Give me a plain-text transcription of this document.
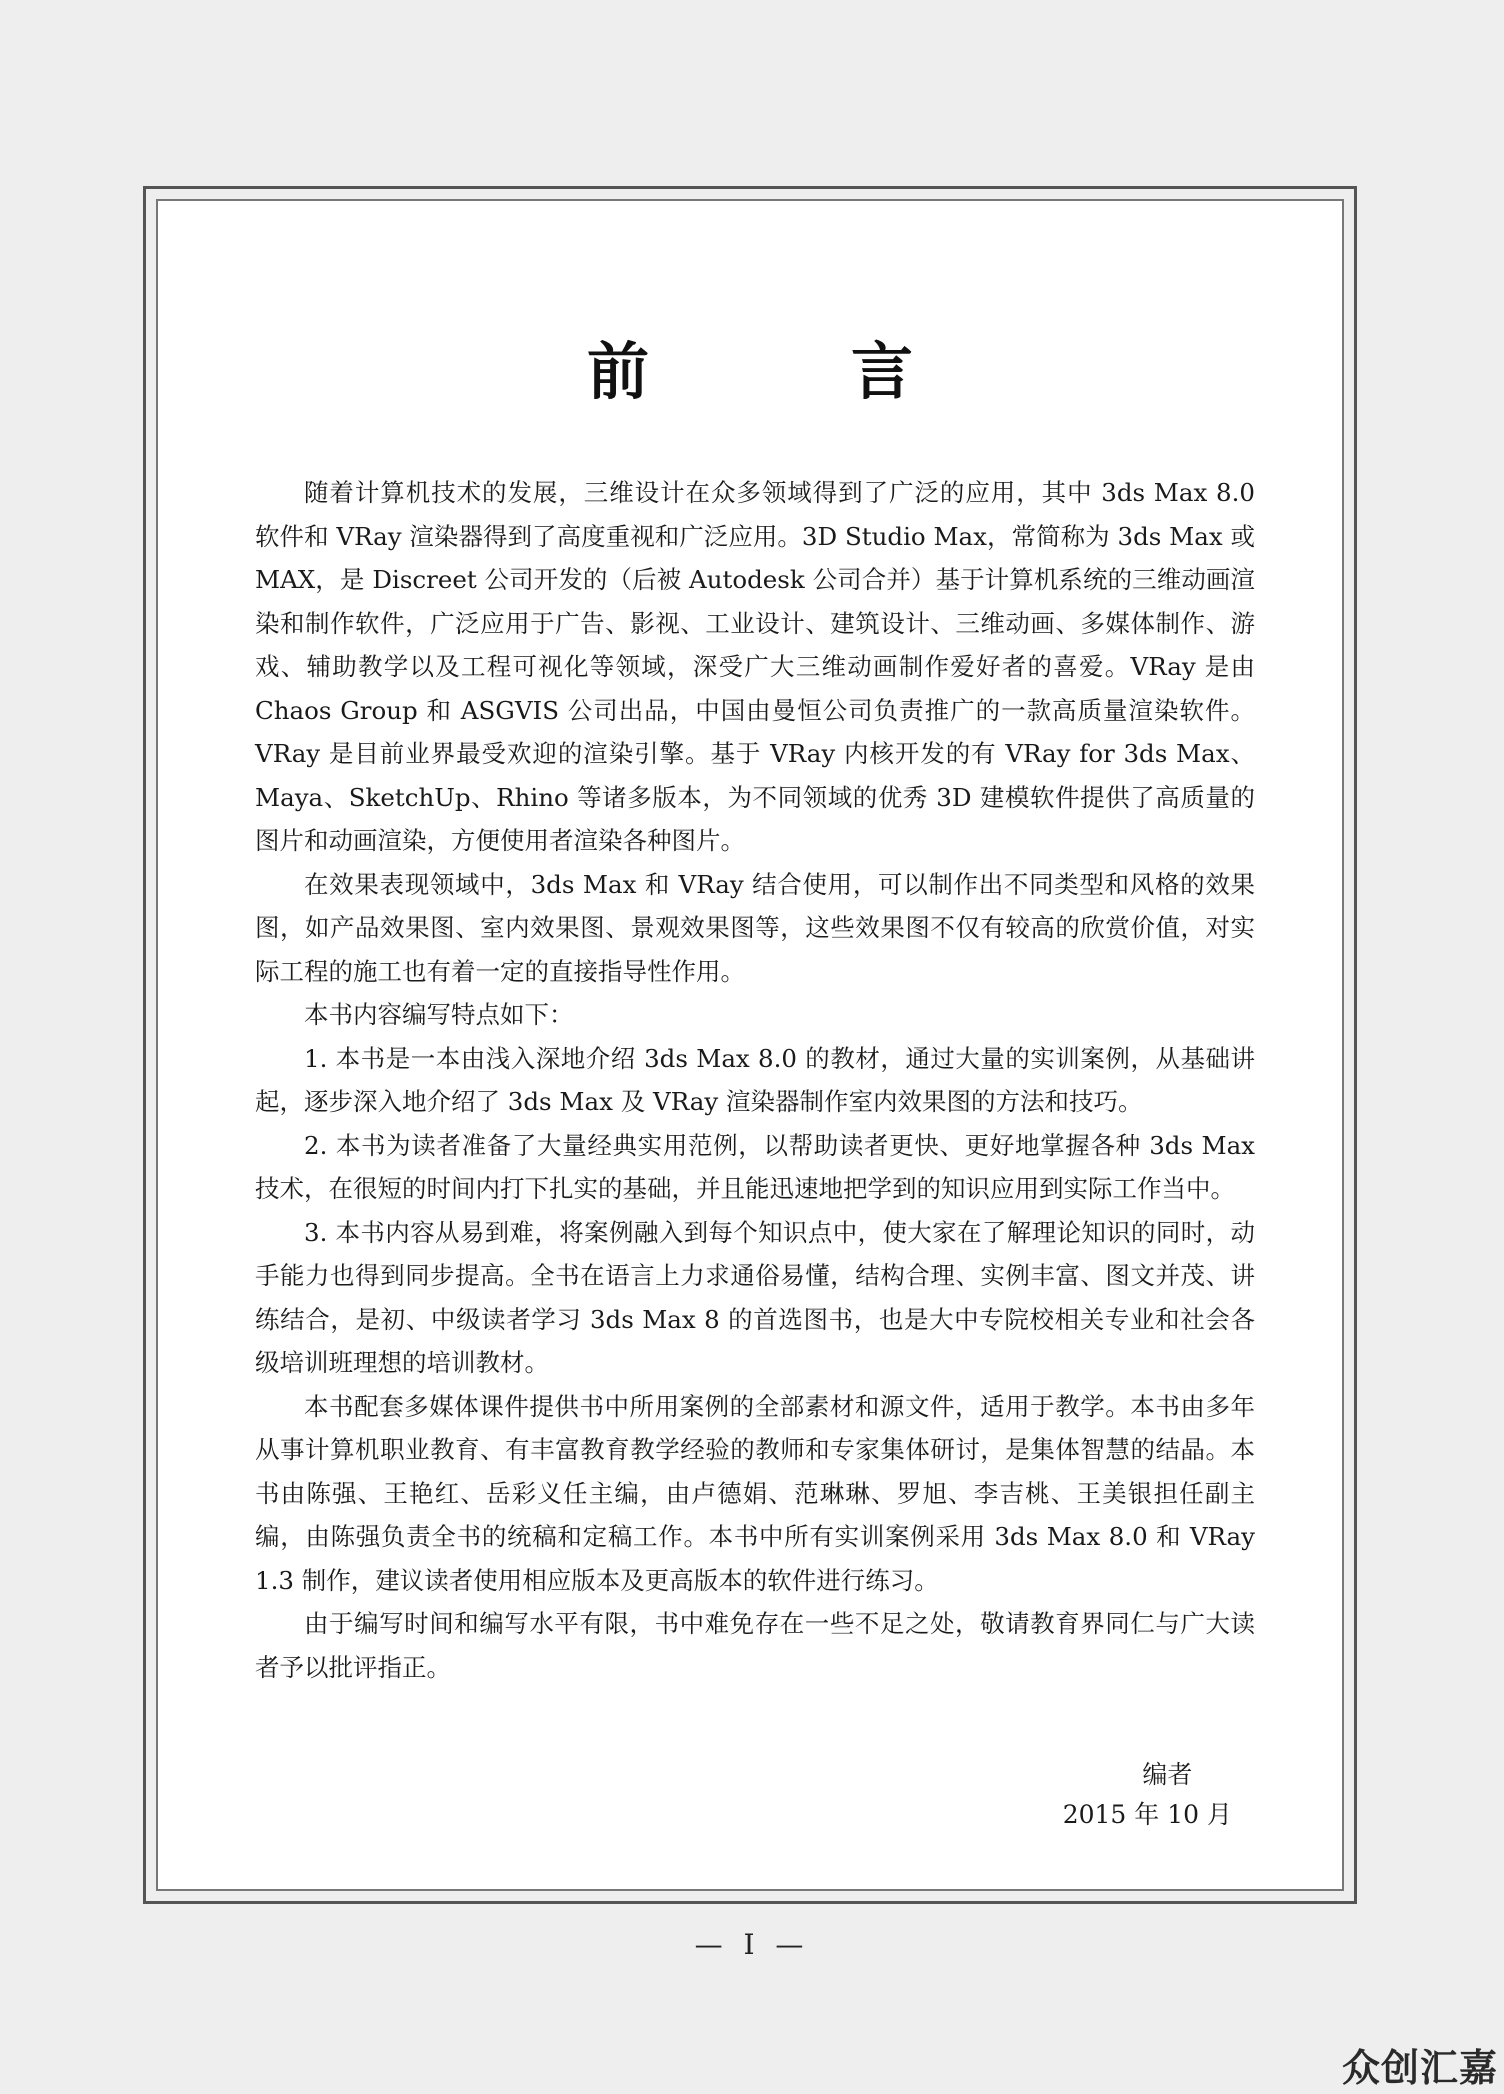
前　言

随着计算机技术的发展，三维设计在众多领域得到了广泛的应用，其中 3ds Max 8.0 软件和 VRay 渲染器得到了高度重视和广泛应用。3D Studio Max，常简称为 3ds Max 或 MAX，是 Discreet 公司开发的（后被 Autodesk 公司合并）基于计算机系统的三维动画渲染和制作软件，广泛应用于广告、影视、工业设计、建筑设计、三维动画、多媒体制作、游戏、辅助教学以及工程可视化等领域，深受广大三维动画制作爱好者的喜爱。VRay 是由 Chaos Group 和 ASGVIS 公司出品，中国由曼恒公司负责推广的一款高质量渲染软件。VRay 是目前业界最受欢迎的渲染引擎。基于 VRay 内核开发的有 VRay for 3ds Max、Maya、SketchUp、Rhino 等诸多版本，为不同领域的优秀 3D 建模软件提供了高质量的图片和动画渲染，方便使用者渲染各种图片。

在效果表现领域中，3ds Max 和 VRay 结合使用，可以制作出不同类型和风格的效果图，如产品效果图、室内效果图、景观效果图等，这些效果图不仅有较高的欣赏价值，对实际工程的施工也有着一定的直接指导性作用。

本书内容编写特点如下：

1. 本书是一本由浅入深地介绍 3ds Max 8.0 的教材，通过大量的实训案例，从基础讲起，逐步深入地介绍了 3ds Max 及 VRay 渲染器制作室内效果图的方法和技巧。

2. 本书为读者准备了大量经典实用范例，以帮助读者更快、更好地掌握各种 3ds Max 技术，在很短的时间内打下扎实的基础，并且能迅速地把学到的知识应用到实际工作当中。

3. 本书内容从易到难，将案例融入到每个知识点中，使大家在了解理论知识的同时，动手能力也得到同步提高。全书在语言上力求通俗易懂，结构合理、实例丰富、图文并茂、讲练结合，是初、中级读者学习 3ds Max 8 的首选图书，也是大中专院校相关专业和社会各级培训班理想的培训教材。

本书配套多媒体课件提供书中所用案例的全部素材和源文件，适用于教学。本书由多年从事计算机职业教育、有丰富教育教学经验的教师和专家集体研讨，是集体智慧的结晶。本书由陈强、王艳红、岳彩义任主编，由卢德娟、范琳琳、罗旭、李吉桃、王美银担任副主编，由陈强负责全书的统稿和定稿工作。本书中所有实训案例采用 3ds Max 8.0 和 VRay 1.3 制作，建议读者使用相应版本及更高版本的软件进行练习。

由于编写时间和编写水平有限，书中难免存在一些不足之处，敬请教育界同仁与广大读者予以批评指正。

编者
2015 年 10 月
— I —
众创汇嘉
